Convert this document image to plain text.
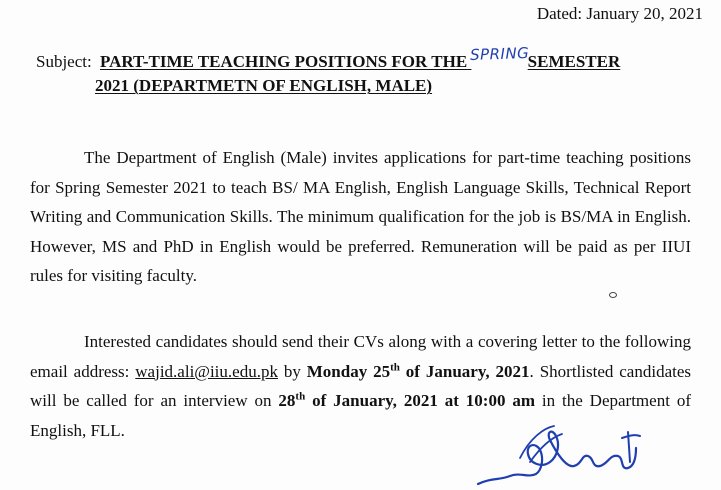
Dated: January 20, 2021
Subject: PART-TIME TEACHING POSITIONS FOR THE SPRINGSEMESTER
2021 (DEPARTMETN OF ENGLISH, MALE)

The Department of English (Male) invites applications for part-time teaching positions for Spring Semester 2021 to teach BS/ MA English, English Language Skills, Technical Report Writing and Communication Skills. The minimum qualification for the job is BS/MA in English. However, MS and PhD in English would be preferred. Remuneration will be paid as per IIUI rules for visiting faculty.

Interested candidates should send their CVs along with a covering letter to the following email address: wajid.ali@iiu.edu.pk by Monday 25th of January, 2021. Shortlisted candidates will be called for an interview on 28th of January, 2021 at 10:00 am in the Department of English, FLL.
